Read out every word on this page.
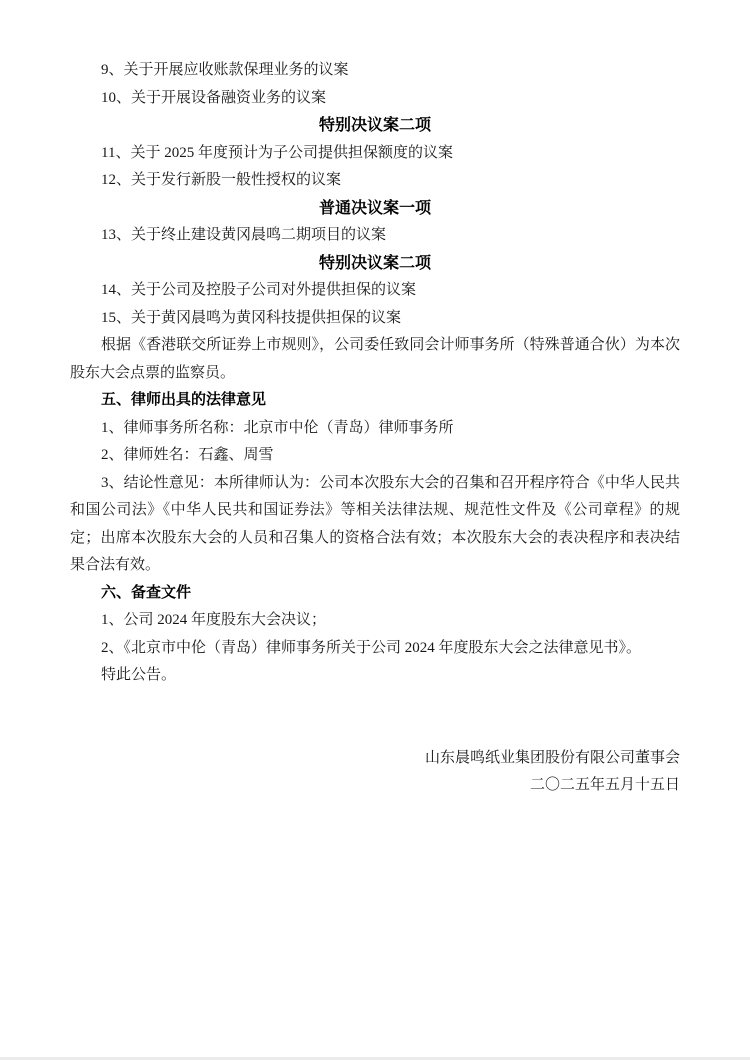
9、关于开展应收账款保理业务的议案

10、关于开展设备融资业务的议案

特别决议案二项

11、关于 2025 年度预计为子公司提供担保额度的议案

12、关于发行新股一般性授权的议案

普通决议案一项

13、关于终止建设黄冈晨鸣二期项目的议案

特别决议案二项

14、关于公司及控股子公司对外提供担保的议案

15、关于黄冈晨鸣为黄冈科技提供担保的议案

根据《香港联交所证券上市规则》，公司委任致同会计师事务所（特殊普通合伙）为本次股东大会点票的监察员。

五、律师出具的法律意见

1、律师事务所名称：北京市中伦（青岛）律师事务所

2、律师姓名：石鑫、周雪

3、结论性意见：本所律师认为：公司本次股东大会的召集和召开程序符合《中华人民共和国公司法》《中华人民共和国证券法》等相关法律法规、规范性文件及《公司章程》的规定；出席本次股东大会的人员和召集人的资格合法有效；本次股东大会的表决程序和表决结果合法有效。

六、备查文件

1、公司 2024 年度股东大会决议；

2、《北京市中伦（青岛）律师事务所关于公司 2024 年度股东大会之法律意见书》。

特此公告。

山东晨鸣纸业集团股份有限公司董事会

二〇二五年五月十五日
